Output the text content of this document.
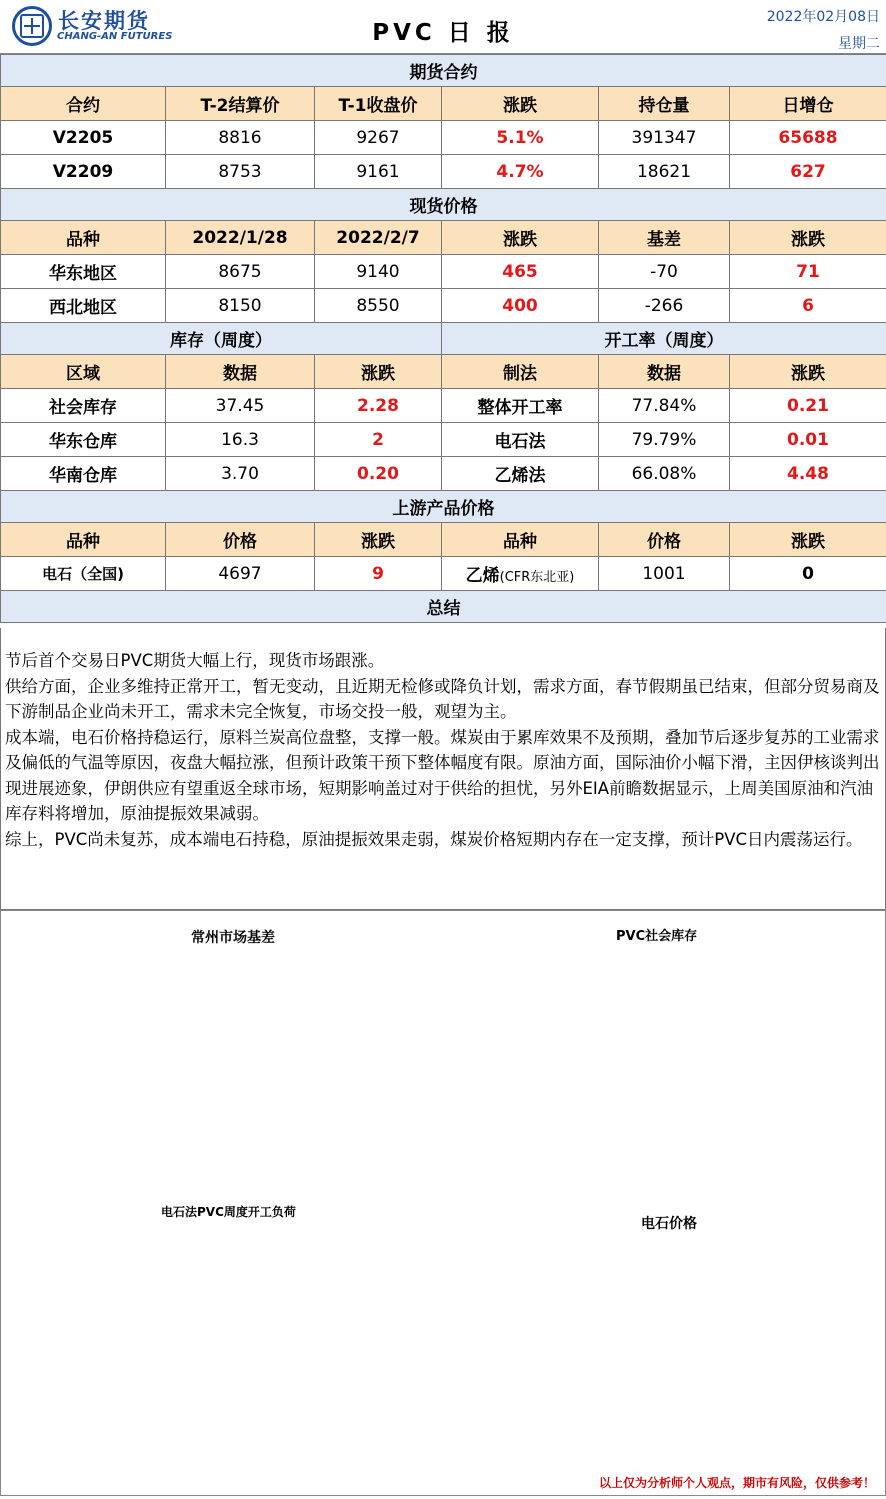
长安期货
CHANG-AN FUTURES	PVC 日 报
2022年02月08日
星期二
期货合约					
合约	T-2结算价	T-1收盘价	涨跌	持仓量	日增仓
V2205	8816	9267	5.1%	391347	65688
V2209	8753	9161	4.7%	18621	627
现货价格					
品种	2022/1/28	2022/2/7	涨跌	基差	涨跌
华东地区	8675	9140	465	-70	71
西北地区	8150	8550	400	-266	6
库存（周度）			开工率（周度）		
区域	数据	涨跌	制法	数据	涨跌
社会库存	37.45	2.28	整体开工率	77.84%	0.21
华东仓库	16.3	2	电石法	79.79%	0.01
华南仓库	3.70	0.20	乙烯法	66.08%	4.48
上游产品价格					
品种	价格	涨跌	品种	价格	涨跌
电石（全国)	4697	9	乙烯(CFR东北亚)	1001	0
总结					
节后首个交易日PVC期货大幅上行，现货市场跟涨。
供给方面，企业多维持正常开工，暂无变动，且近期无检修或降负计划，需求方面，春节假期虽已结束，但部分贸易商及下游制品企业尚未开工，需求未完全恢复，市场交投一般，观望为主。
成本端，电石价格持稳运行，原料兰炭高位盘整，支撑一般。煤炭由于累库效果不及预期，叠加节后逐步复苏的工业需求及偏低的气温等原因，夜盘大幅拉涨，但预计政策干预下整体幅度有限。原油方面，国际油价小幅下滑，主因伊核谈判出现进展迹象，伊朗供应有望重返全球市场，短期影响盖过对于供给的担忧，另外EIA前瞻数据显示，上周美国原油和汽油库存料将增加，原油提振效果减弱。
综上，PVC尚未复苏，成本端电石持稳，原油提振效果走弱，煤炭价格短期内存在一定支撑，预计PVC日内震荡运行。
常州市场基差	PVC社会库存
电石法PVC周度开工负荷
电石价格
以上仅为分析师个人观点，期市有风险，仅供参考！
